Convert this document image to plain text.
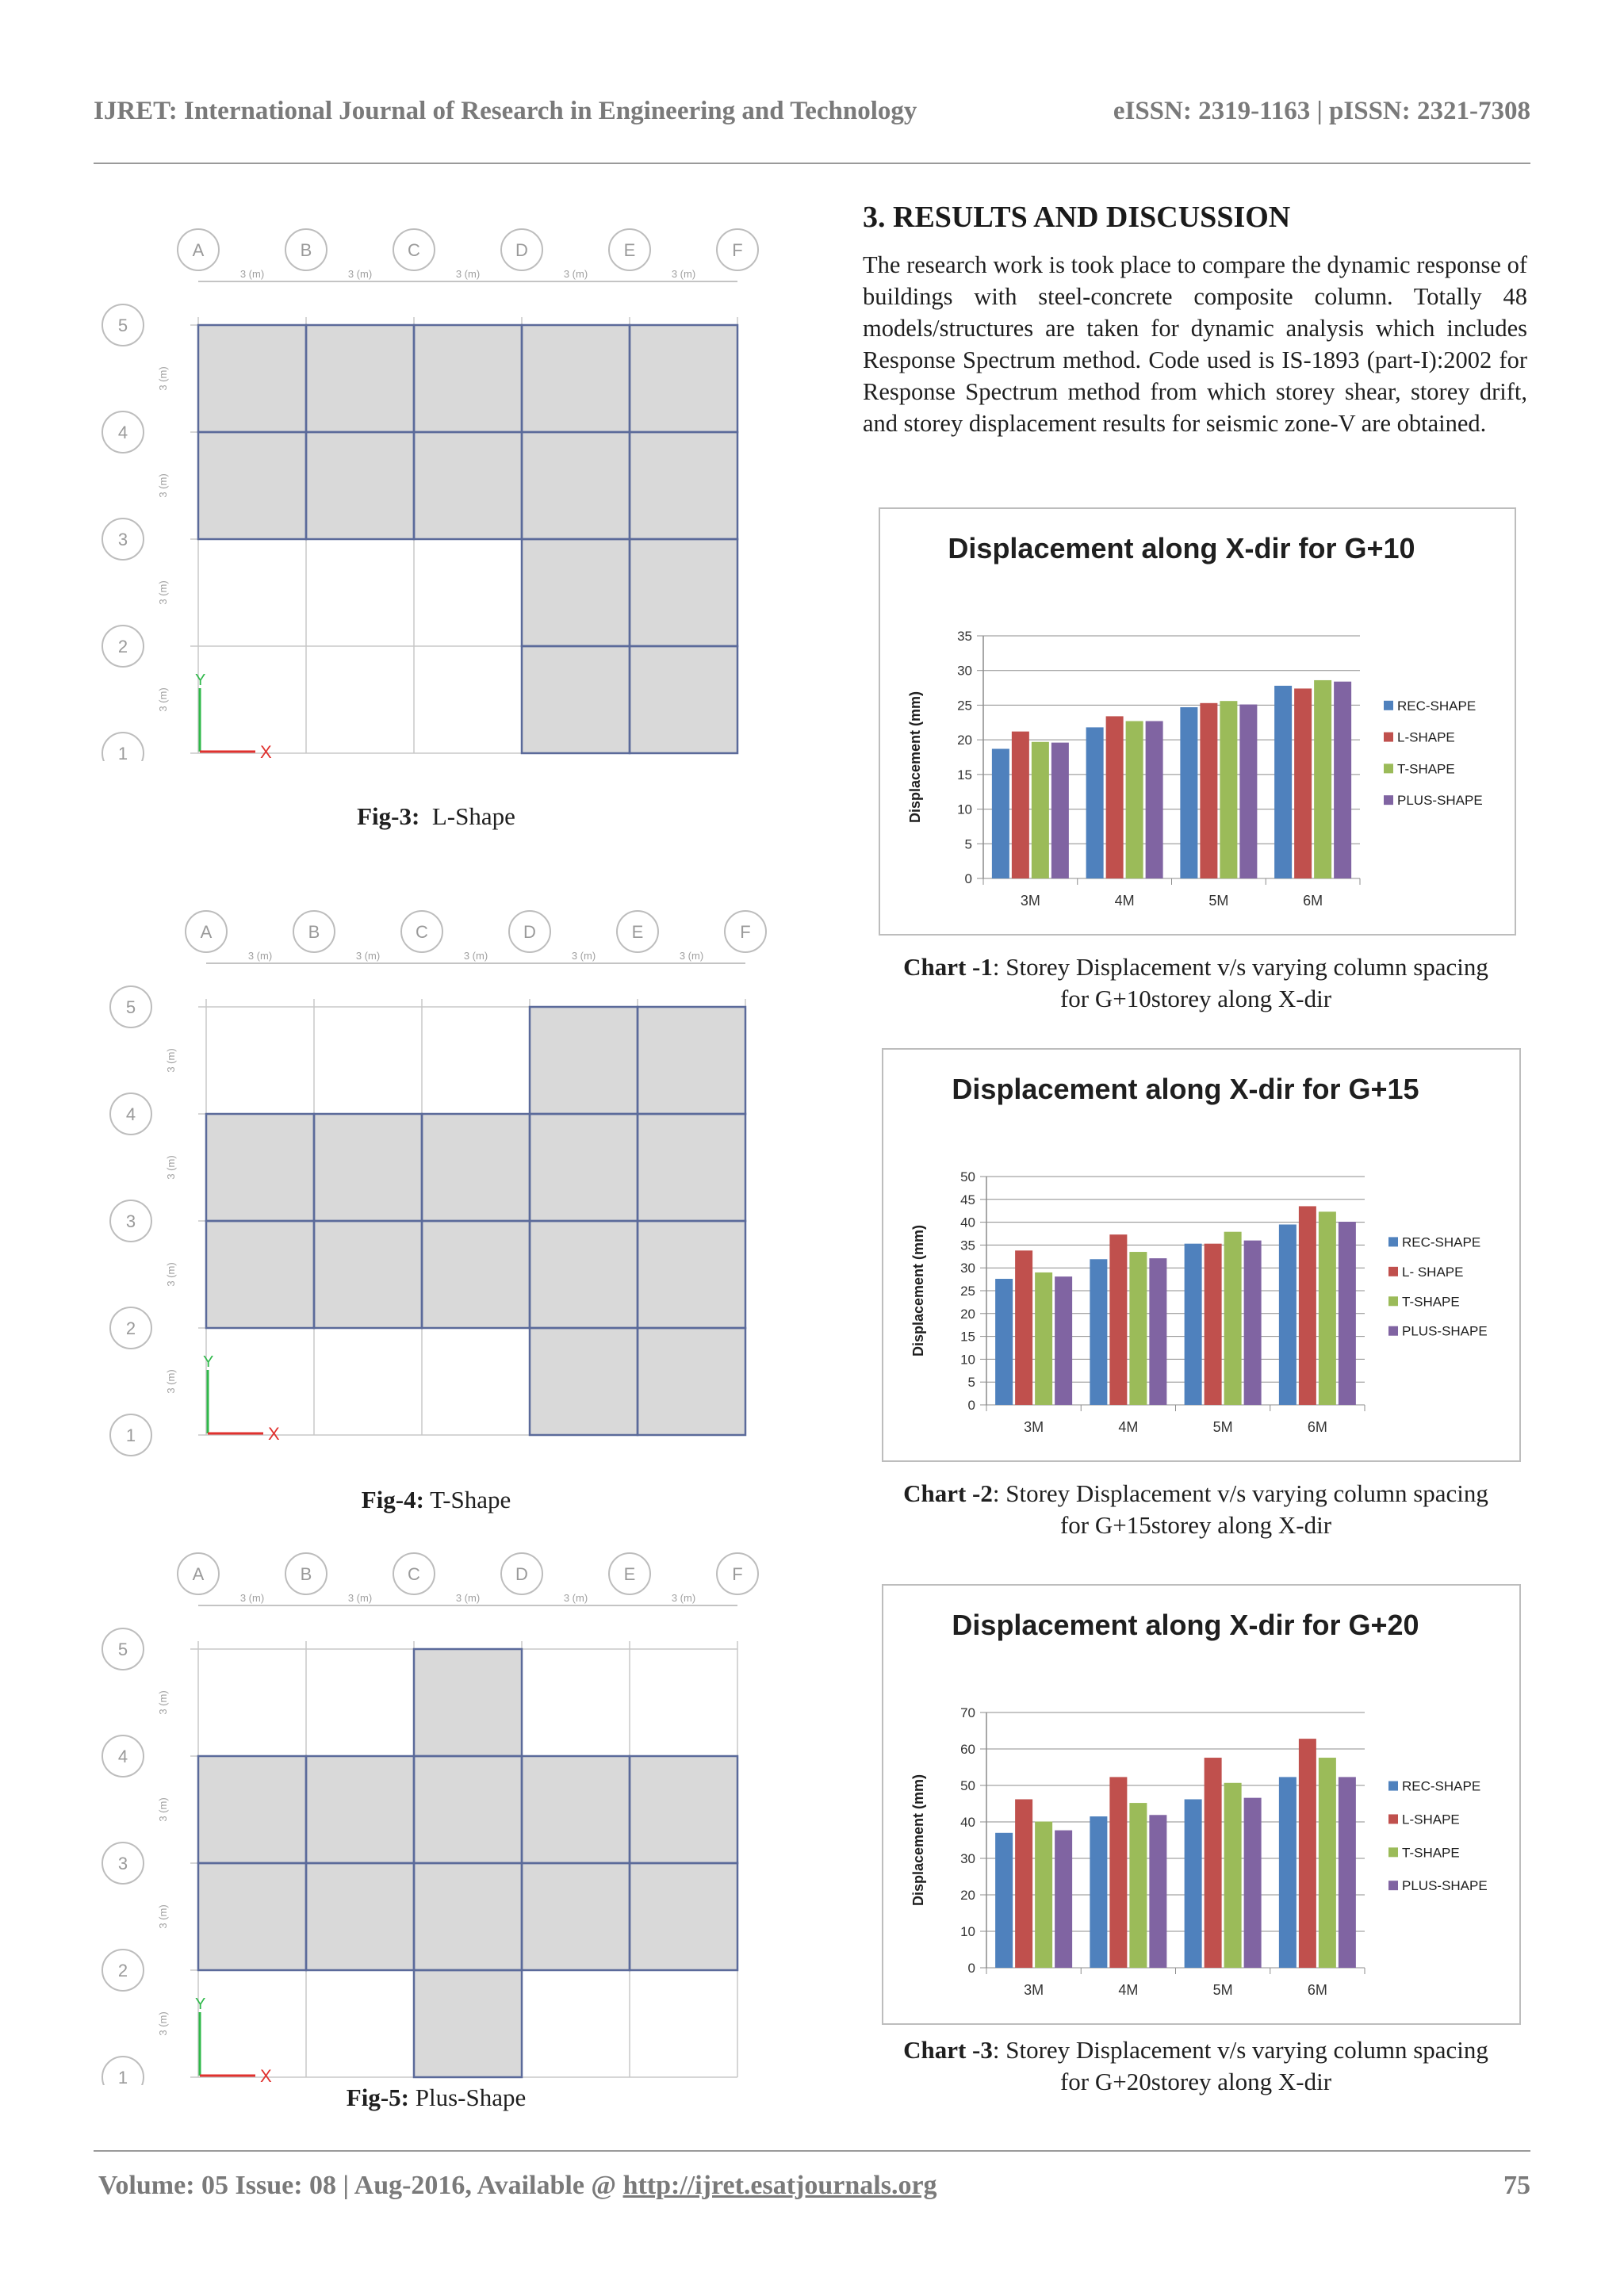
IJRET: International Journal of Research in Engineering and Technology	eISSN: 2319-1163 | pISSN: 2321-7308
3. RESULTS AND DISCUSSION
The research work is took place to compare the dynamic response of buildings with steel-concrete composite column. Totally 48 models/structures are taken for dynamic analysis which includes Response Spectrum method. Code used is IS-1893 (part-I):2002 for Response Spectrum method from which storey shear, storey drift, and storey displacement results for seismic zone-V are obtained.
3 (m)	3 (m)	3 (m)	3 (m)	3 (m)
3 (m)
3 (m)
3 (m)
3 (m)
A	B	C	D	E	F
5
4
3
2
1
Y
X
Fig-3: L-Shape
3 (m)	3 (m)	3 (m)	3 (m)	3 (m)
3 (m)
3 (m)
3 (m)
3 (m)
A	B	C	D	E	F
5
4
3
2
1
Y
X
Fig-4: T-Shape
3 (m)	3 (m)	3 (m)	3 (m)	3 (m)
3 (m)
3 (m)
3 (m)
3 (m)
A	B	C	D	E	F
5
4
3
2
1
Y
X
Fig-5: Plus-Shape
Displacement along X-dir for G+10
0
5
10
15
20
25
30
35
Displacement (mm)
3M	4M	5M	6M
REC-SHAPE
L-SHAPE
T-SHAPE
PLUS-SHAPE
Chart -1: Storey Displacement v/s varying column spacing
for G+10storey along X-dir
Displacement along X-dir for G+15
0
5
10
15
20
25
30
35
40
45
50
Displacement (mm)
3M	4M	5M	6M
REC-SHAPE
L- SHAPE
T-SHAPE
PLUS-SHAPE
Chart -2: Storey Displacement v/s varying column spacing
for G+15storey along X-dir
Displacement along X-dir for G+20
0
10
20
30
40
50
60
70
Displacement (mm)
3M	4M	5M	6M
REC-SHAPE
L-SHAPE
T-SHAPE
PLUS-SHAPE
Chart -3: Storey Displacement v/s varying column spacing
for G+20storey along X-dir
Volume: 05 Issue: 08 | Aug-2016, Available @ http://ijret.esatjournals.org	75
